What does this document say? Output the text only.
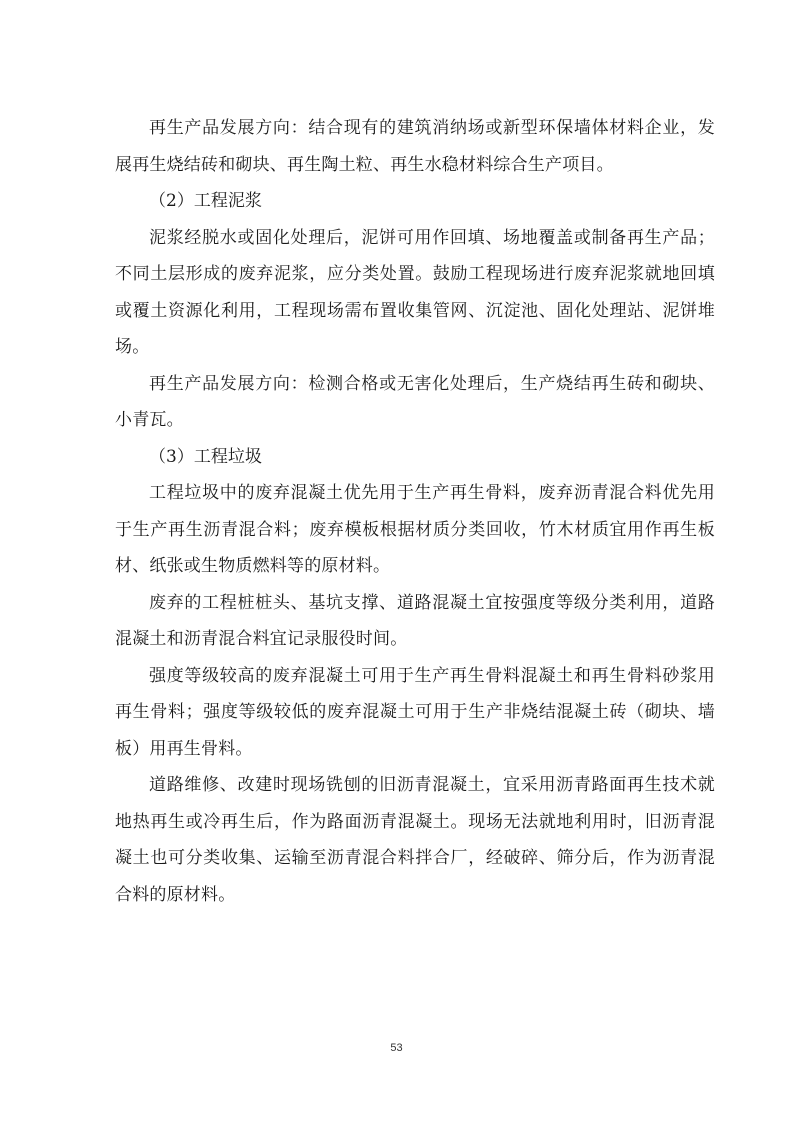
再生产品发展方向：结合现有的建筑消纳场或新型环保墙体材料企业，发展再生烧结砖和砌块、再生陶土粒、再生水稳材料综合生产项目。

（2）工程泥浆

泥浆经脱水或固化处理后，泥饼可用作回填、场地覆盖或制备再生产品；不同土层形成的废弃泥浆，应分类处置。鼓励工程现场进行废弃泥浆就地回填或覆土资源化利用，工程现场需布置收集管网、沉淀池、固化处理站、泥饼堆场。

再生产品发展方向：检测合格或无害化处理后，生产烧结再生砖和砌块、小青瓦。

（3）工程垃圾

工程垃圾中的废弃混凝土优先用于生产再生骨料，废弃沥青混合料优先用于生产再生沥青混合料；废弃模板根据材质分类回收，竹木材质宜用作再生板材、纸张或生物质燃料等的原材料。

废弃的工程桩桩头、基坑支撑、道路混凝土宜按强度等级分类利用，道路混凝土和沥青混合料宜记录服役时间。

强度等级较高的废弃混凝土可用于生产再生骨料混凝土和再生骨料砂浆用再生骨料；强度等级较低的废弃混凝土可用于生产非烧结混凝土砖（砌块、墙板）用再生骨料。

道路维修、改建时现场铣刨的旧沥青混凝土，宜采用沥青路面再生技术就地热再生或冷再生后，作为路面沥青混凝土。现场无法就地利用时，旧沥青混凝土也可分类收集、运输至沥青混合料拌合厂，经破碎、筛分后，作为沥青混合料的原材料。

53
